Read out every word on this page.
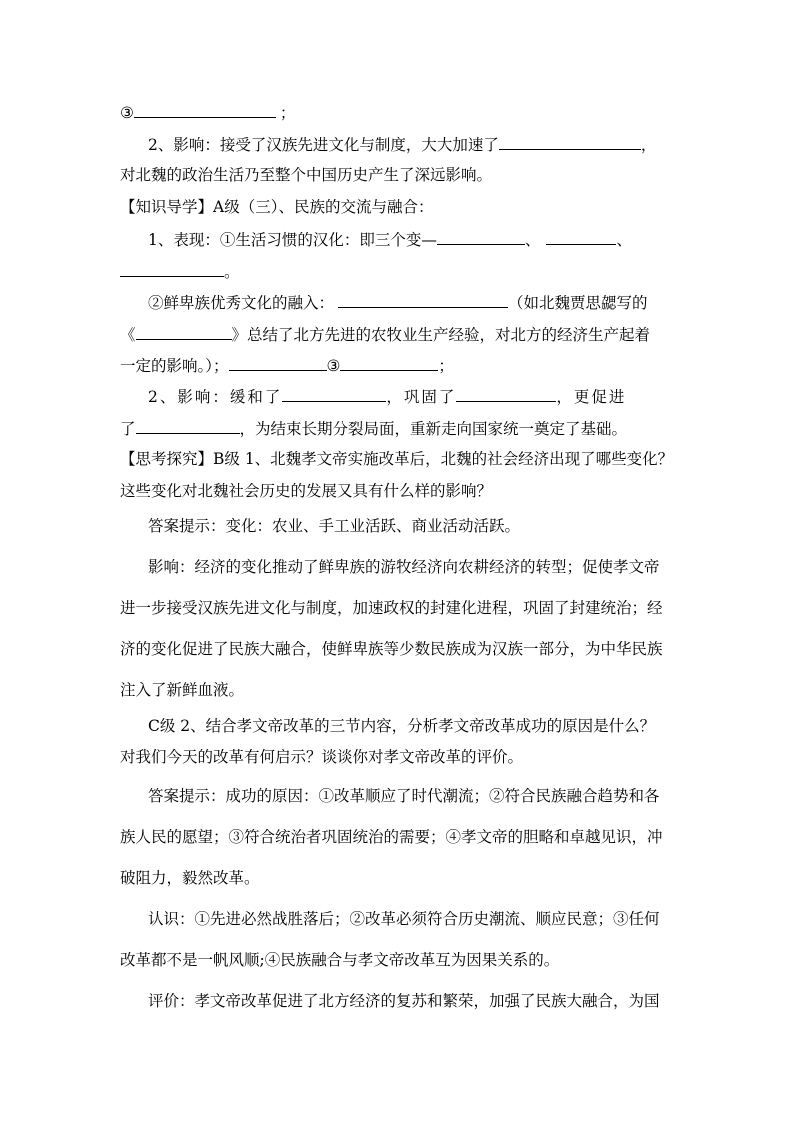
③	；
2、影响：接受了汉族先进文化与制度，大大加速了	，
对北魏的政治生活乃至整个中国历史产生了深远影响。
【知识导学】A级（三）、民族的交流与融合：
1、表现：①生活习惯的汉化：即三个变—	、	、
。
②鲜卑族优秀文化的融入：	（如北魏贾思勰写的
《	》总结了北方先进的农牧业生产经验，对北方的经济生产起着
一定的影响。）；	③	；
2、影响：缓和了	，巩固了	，更促进
了	，为结束长期分裂局面，重新走向国家统一奠定了基础。
【思考探究】B级 1、北魏孝文帝实施改革后，北魏的社会经济出现了哪些变化？
这些变化对北魏社会历史的发展又具有什么样的影响？
答案提示：变化：农业、手工业活跃、商业活动活跃。
影响：经济的变化推动了鲜卑族的游牧经济向农耕经济的转型；促使孝文帝
进一步接受汉族先进文化与制度，加速政权的封建化进程，巩固了封建统治；经
济的变化促进了民族大融合，使鲜卑族等少数民族成为汉族一部分，为中华民族
注入了新鲜血液。
C级 2、结合孝文帝改革的三节内容，分析孝文帝改革成功的原因是什么？
对我们今天的改革有何启示？谈谈你对孝文帝改革的评价。
答案提示：成功的原因：①改革顺应了时代潮流；②符合民族融合趋势和各
族人民的愿望；③符合统治者巩固统治的需要；④孝文帝的胆略和卓越见识，冲
破阻力，毅然改革。
认识：①先进必然战胜落后；②改革必须符合历史潮流、顺应民意；③任何
改革都不是一帆风顺;④民族融合与孝文帝改革互为因果关系的。
评价：孝文帝改革促进了北方经济的复苏和繁荣，加强了民族大融合，为国
